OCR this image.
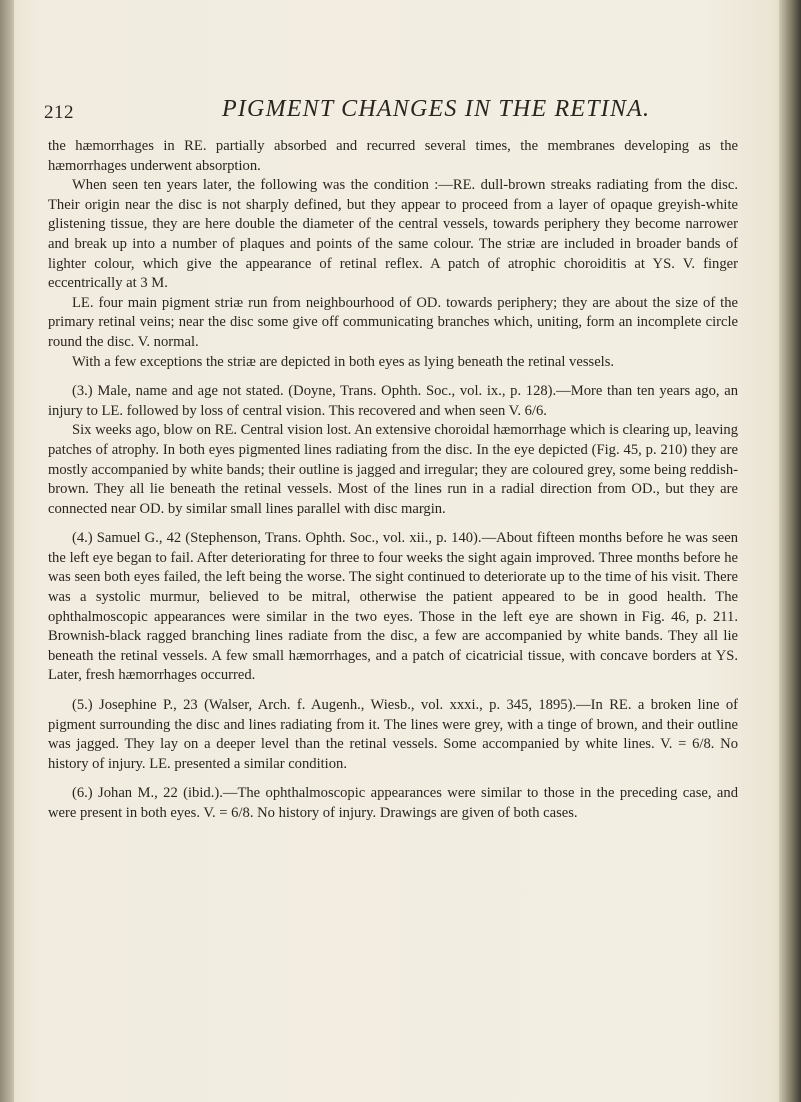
212	PIGMENT CHANGES IN THE RETINA.

the hæmorrhages in RE. partially absorbed and recurred several times, the membranes developing as the hæmorrhages underwent absorption.

When seen ten years later, the following was the condition :—RE. dull-brown streaks radiating from the disc. Their origin near the disc is not sharply defined, but they appear to proceed from a layer of opaque greyish-white glistening tissue, they are here double the diameter of the central vessels, towards periphery they become narrower and break up into a number of plaques and points of the same colour. The striæ are included in broader bands of lighter colour, which give the appearance of retinal reflex. A patch of atrophic choroiditis at YS. V. finger eccentrically at 3 M.

LE. four main pigment striæ run from neighbourhood of OD. towards periphery; they are about the size of the primary retinal veins; near the disc some give off communicating branches which, uniting, form an incomplete circle round the disc. V. normal.

With a few exceptions the striæ are depicted in both eyes as lying beneath the retinal vessels.

(3.) Male, name and age not stated. (Doyne, Trans. Ophth. Soc., vol. ix., p. 128).—More than ten years ago, an injury to LE. followed by loss of central vision. This recovered and when seen V. 6/6.

Six weeks ago, blow on RE. Central vision lost. An extensive choroidal hæmorrhage which is clearing up, leaving patches of atrophy. In both eyes pigmented lines radiating from the disc. In the eye depicted (Fig. 45, p. 210) they are mostly accompanied by white bands; their outline is jagged and irregular; they are coloured grey, some being reddish-brown. They all lie beneath the retinal vessels. Most of the lines run in a radial direction from OD., but they are connected near OD. by similar small lines parallel with disc margin.

(4.) Samuel G., 42 (Stephenson, Trans. Ophth. Soc., vol. xii., p. 140).—About fifteen months before he was seen the left eye began to fail. After deteriorating for three to four weeks the sight again improved. Three months before he was seen both eyes failed, the left being the worse. The sight continued to deteriorate up to the time of his visit. There was a systolic murmur, believed to be mitral, otherwise the patient appeared to be in good health. The ophthalmoscopic appearances were similar in the two eyes. Those in the left eye are shown in Fig. 46, p. 211. Brownish-black ragged branching lines radiate from the disc, a few are accompanied by white bands. They all lie beneath the retinal vessels. A few small hæmorrhages, and a patch of cicatricial tissue, with concave borders at YS. Later, fresh hæmorrhages occurred.

(5.) Josephine P., 23 (Walser, Arch. f. Augenh., Wiesb., vol. xxxi., p. 345, 1895).—In RE. a broken line of pigment surrounding the disc and lines radiating from it. The lines were grey, with a tinge of brown, and their outline was jagged. They lay on a deeper level than the retinal vessels. Some accompanied by white lines. V. = 6/8. No history of injury. LE. presented a similar condition.

(6.) Johan M., 22 (ibid.).—The ophthalmoscopic appearances were similar to those in the preceding case, and were present in both eyes. V. = 6/8. No history of injury. Drawings are given of both cases.
